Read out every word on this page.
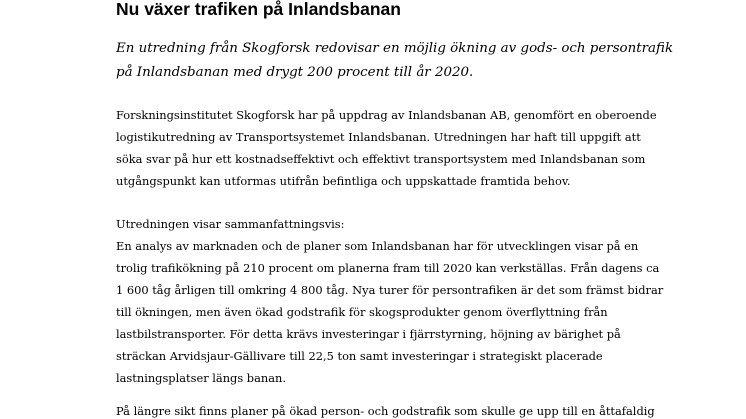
Nu växer trafiken på Inlandsbanan

En utredning från Skogforsk redovisar en möjlig ökning av gods- och persontrafik
på Inlandsbanan med drygt 200 procent till år 2020.

Forskningsinstitutet Skogforsk har på uppdrag av Inlandsbanan AB, genomfört en oberoende
logistikutredning av Transportsystemet Inlandsbanan. Utredningen har haft till uppgift att
söka svar på hur ett kostnadseffektivt och effektivt transportsystem med Inlandsbanan som
utgångspunkt kan utformas utifrån befintliga och uppskattade framtida behov.

Utredningen visar sammanfattningsvis:
En analys av marknaden och de planer som Inlandsbanan har för utvecklingen visar på en
trolig trafikökning på 210 procent om planerna fram till 2020 kan verkställas. Från dagens ca
1 600 tåg årligen till omkring 4 800 tåg. Nya turer för persontrafiken är det som främst bidrar
till ökningen, men även ökad godstrafik för skogsprodukter genom överflyttning från
lastbilstransporter. För detta krävs investeringar i fjärrstyrning, höjning av bärighet på
sträckan Arvidsjaur-Gällivare till 22,5 ton samt investeringar i strategiskt placerade
lastningsplatser längs banan.

På längre sikt finns planer på ökad person- och godstrafik som skulle ge upp till en åttafaldig
